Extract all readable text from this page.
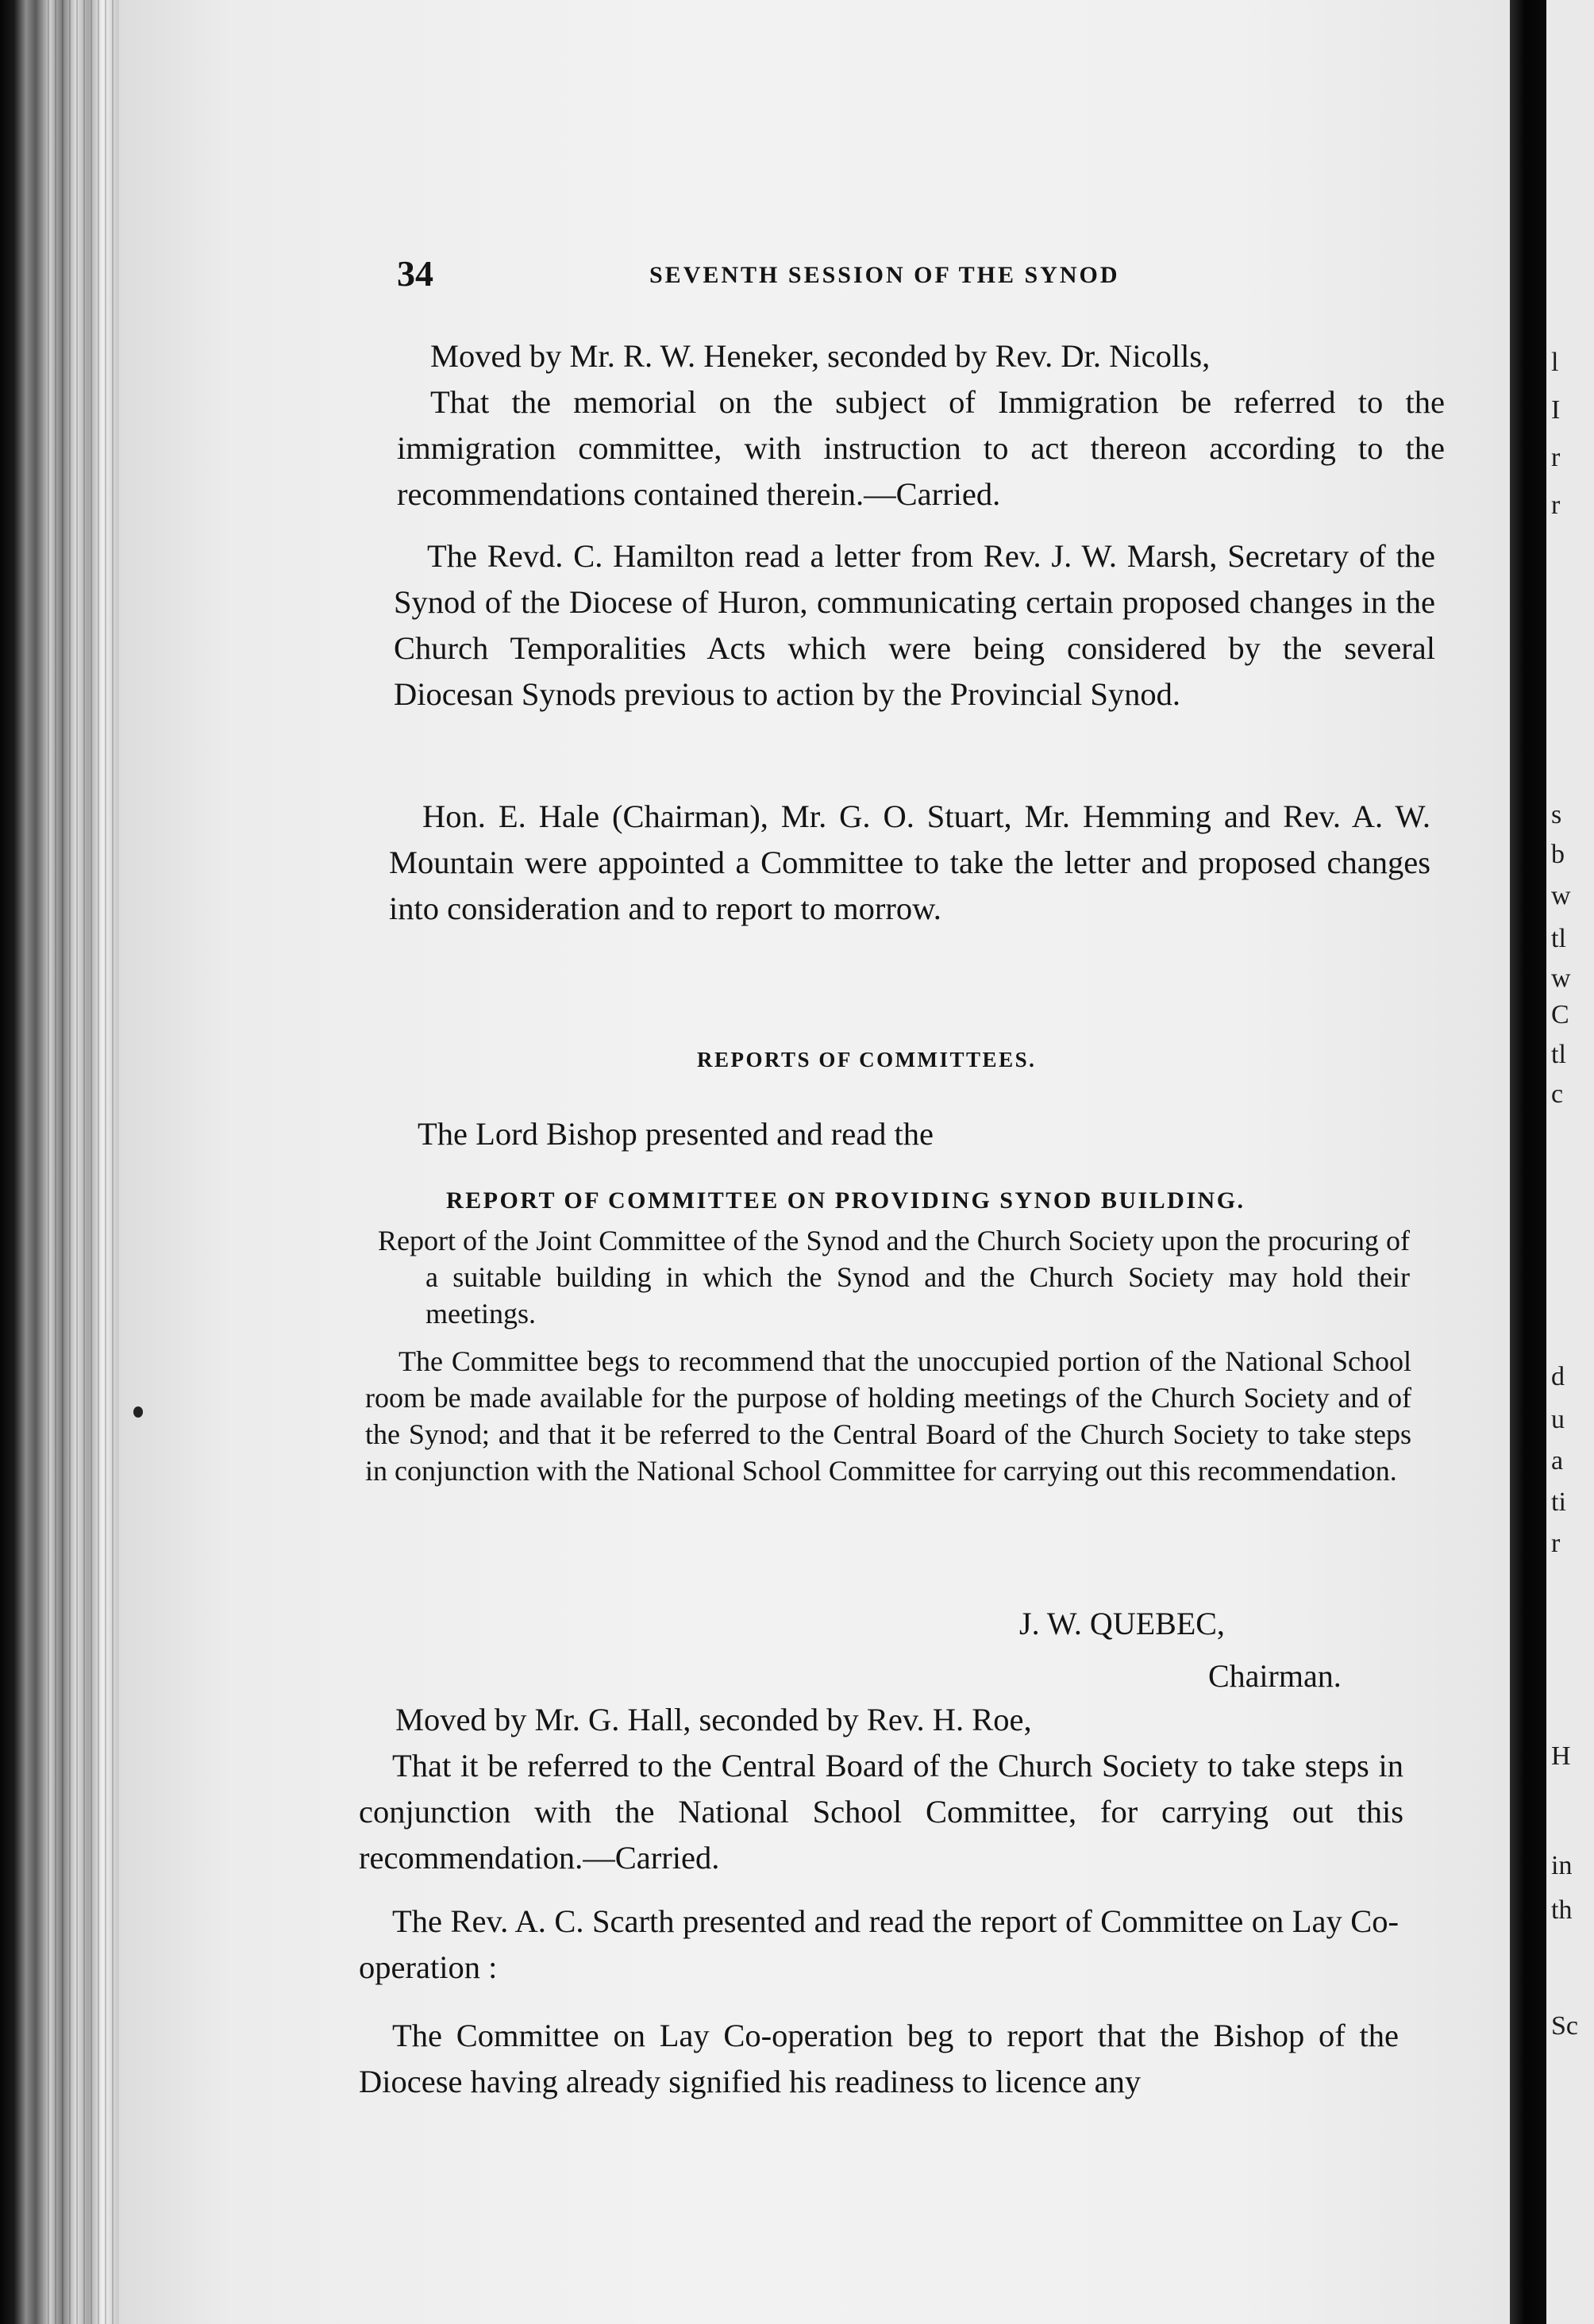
34	SEVENTH SESSION OF THE SYNOD
Moved by Mr. R. W. Heneker, seconded by Rev. Dr. Nicolls,
That the memorial on the subject of Immigration be referred to the immigration committee, with instruction to act thereon according to the recommendations contained therein.—Carried.
The Revd. C. Hamilton read a letter from Rev. J. W. Marsh, Secretary of the Synod of the Diocese of Huron, communicating certain proposed changes in the Church Temporalities Acts which were being considered by the several Diocesan Synods previous to action by the Provincial Synod.
Hon. E. Hale (Chairman), Mr. G. O. Stuart, Mr. Hemming and Rev. A. W. Mountain were appointed a Committee to take the letter and proposed changes into consideration and to report to morrow.
REPORTS OF COMMITTEES.
The Lord Bishop presented and read the
REPORT OF COMMITTEE ON PROVIDING SYNOD BUILDING.
Report of the Joint Committee of the Synod and the Church Society upon the procuring of a suitable building in which the Synod and the Church Society may hold their meetings.
The Committee begs to recommend that the unoccupied portion of the National School room be made available for the purpose of holding meetings of the Church Society and of the Synod; and that it be referred to the Central Board of the Church Society to take steps in conjunction with the National School Committee for carrying out this recommendation.
J. W. QUEBEC,
Chairman.
Moved by Mr. G. Hall, seconded by Rev. H. Roe,
That it be referred to the Central Board of the Church Society to take steps in conjunction with the National School Committee, for carrying out this recommendation.—Carried.
The Rev. A. C. Scarth presented and read the report of Committee on Lay Co-operation :
The Committee on Lay Co-operation beg to report that the Bishop of the Diocese having already signified his readiness to licence any
l
I
r
r
s
b
w
tl
w
C
tl
c
d
u
a
ti
r
H
in
th
Sc
